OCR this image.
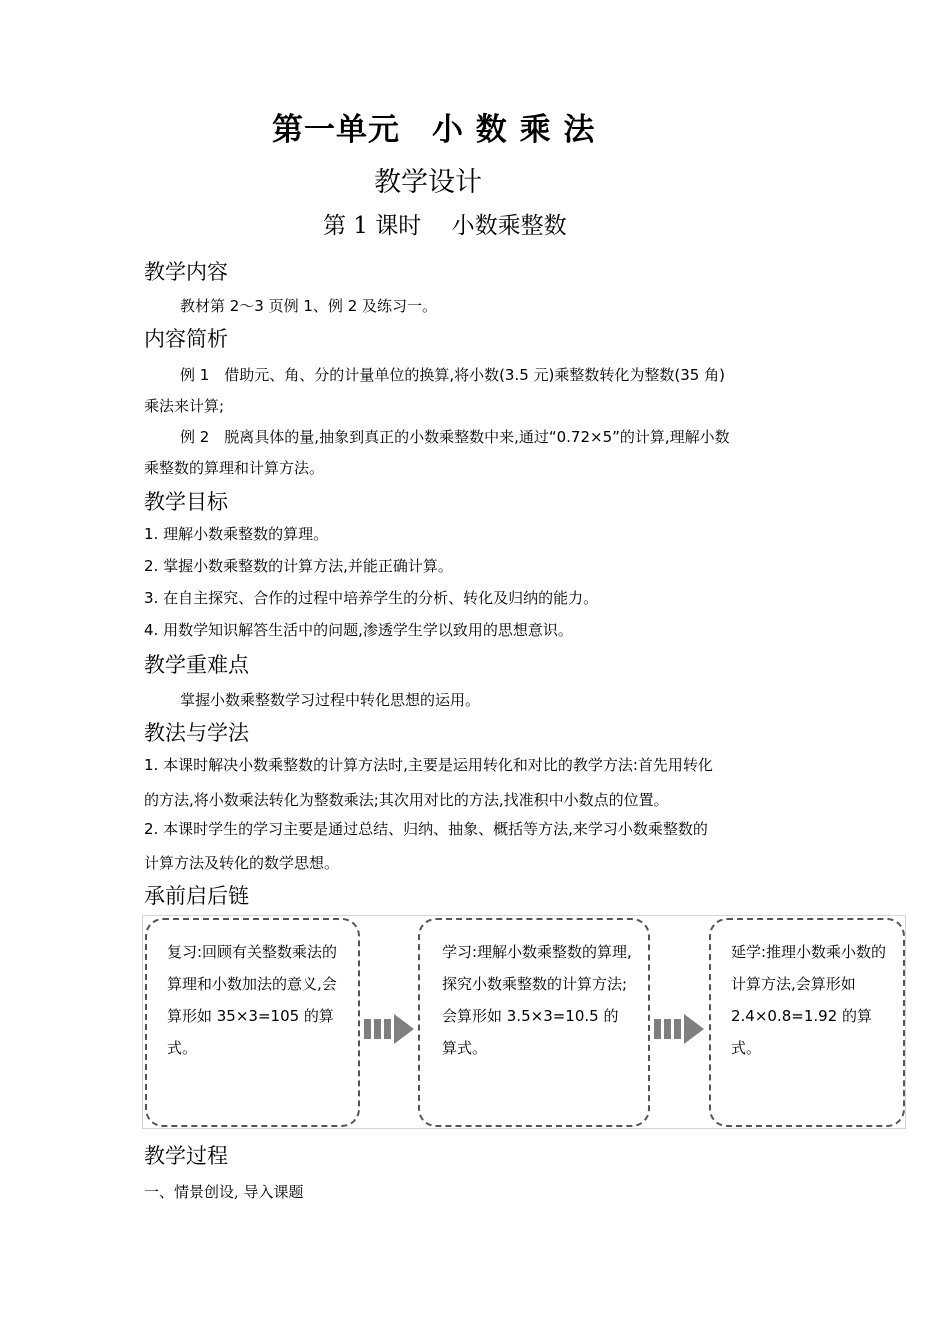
第一单元　小 数 乘 法
教学设计
第 1 课时　 小数乘整数
教学内容
教材第 2～3 页例 1、例 2 及练习一。
内容简析
例 1　借助元、角、分的计量单位的换算,将小数(3.5 元)乘整数转化为整数(35 角)
乘法来计算;
例 2　脱离具体的量,抽象到真正的小数乘整数中来,通过“0.72×5”的计算,理解小数
乘整数的算理和计算方法。
教学目标
1. 理解小数乘整数的算理。
2. 掌握小数乘整数的计算方法,并能正确计算。
3. 在自主探究、合作的过程中培养学生的分析、转化及归纳的能力。
4. 用数学知识解答生活中的问题,渗透学生学以致用的思想意识。
教学重难点
掌握小数乘整数学习过程中转化思想的运用。
教法与学法
1. 本课时解决小数乘整数的计算方法时,主要是运用转化和对比的教学方法:首先用转化
的方法,将小数乘法转化为整数乘法;其次用对比的方法,找准积中小数点的位置。
2. 本课时学生的学习主要是通过总结、归纳、抽象、概括等方法,来学习小数乘整数的
计算方法及转化的数学思想。
承前启后链
复习:回顾有关整数乘法的算理和小数加法的意义,会算形如 35×3=105 的算式。
学习:理解小数乘整数的算理,探究小数乘整数的计算方法;会算形如 3.5×3=10.5 的算式。
延学:推理小数乘小数的计算方法,会算形如 2.4×0.8=1.92 的算式。
教学过程
一、情景创设, 导入课题
